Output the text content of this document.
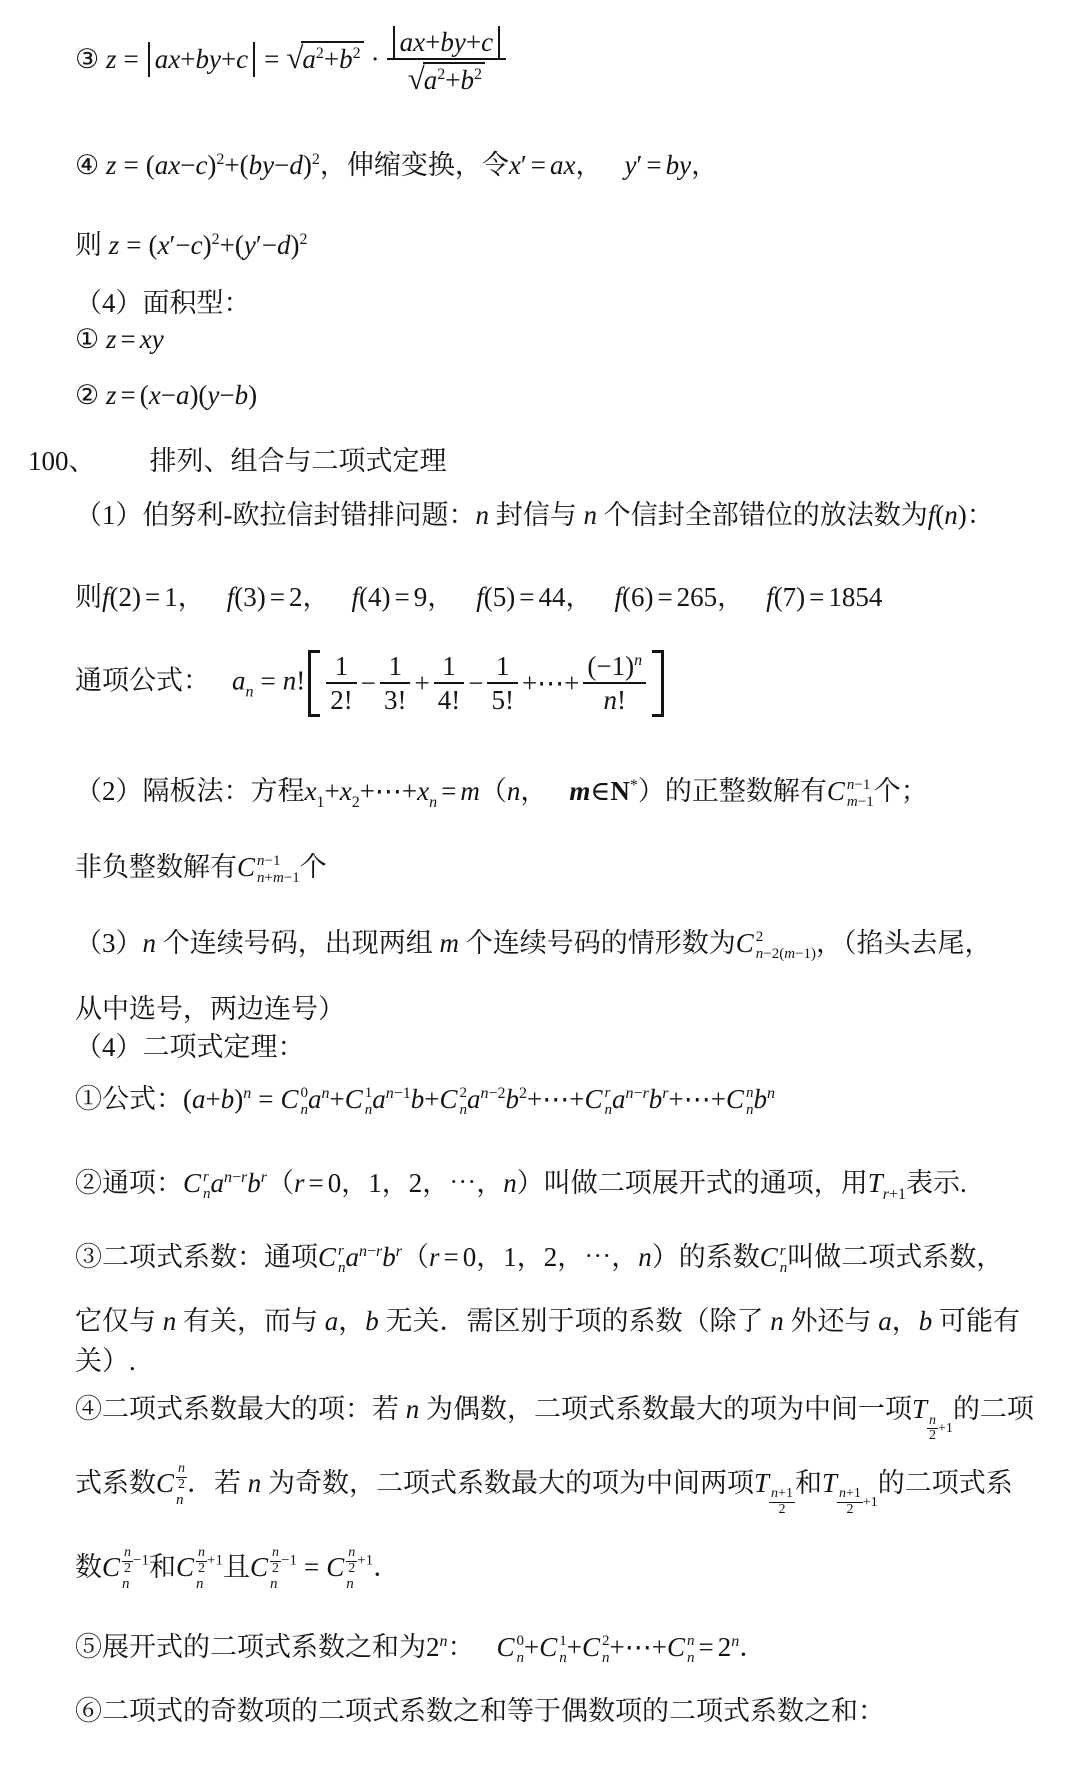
③ $z = ax+by+c = √a^2+b^2 \cdot \frac{ax+by+c}{√a^2+b^2}$
④ $z = (ax-c)^2+(by-d)^2$，伸缩变换，令x′ = ax， y′ = by，
则 $z = (x'-c)^2+(y'-d)^2$
（4）面积型：
① z = xy
② z = (x−a)(y−b)
100、 排列、组合与二项式定理
（1）伯努利-欧拉信封错排问题：n 封信与 n 个信封全部错位的放法数为f(n)：
则f(2) = 1， f(3) = 2， f(4) = 9， f(5) = 44， f(6) = 265， f(7) = 1854
通项公式： $a_n = n$!	1
2!
− $\frac{1}{3!} + \frac{1}{4!} - \frac{1}{5!}$ +⋯+ $\frac{(-1)^n}{n!}$
（2）隔板法：方程$x_1+x_2+\cdots+x_n = m(n$， m∈N*）的正整数解有C n−1
m−1 个；
非负整数解有C n−1
n+m−1 个
（3）n 个连续号码，出现两组 m 个连续号码的情形数为C 2
n−2(m−1) ，（掐头去尾，
从中选号，两边连号）
（4）二项式定理：
①公式：$(a+b)^n = C$ 0
n $a^n+C$ 1
n $a^{n-1}b+C$ 2
n $a^{n-2}b^2+\cdots+C$ r
n $a^{n-r}b^r+\cdots+C$ n
n $b^n$
②通项：C r
n $a^{n-r}b^r(r = 0$，1，2，⋯，n）叫做二项展开式的通项，用$T_{r+1}$表示.
③二项式系数：通项C r
n $a^{n-r}b^r(r = 0$，1，2，⋯，n）的系数C r
n 叫做二项式系数，
它仅与 n 有关，而与 a，b 无关．需区别于项的系数（除了 n 外还与 a，b 可能有
关）.
④二项式系数最大的项：若 n 为偶数，二项式系数最大的项为中间一项T
$_{\frac{n}{2} +1}$的二项
式系数C $\frac{n}{2}$
n
．若 n 为奇数，二项式系数最大的项为中间两项T
$_{\frac{n+1}{2}}$
和T
$_{\frac{n+1}{2} +1}$的二项式系
数C $\frac{n}{2} -1$
n
和C $\frac{n}{2} +1$
n
且C $\frac{n}{2} -1$
n
= C $\frac{n}{2} +1$
n
．
⑤展开式的二项式系数之和为2$^n$： C 0
n +C 1
n +C 2
n +⋯+C n
$n = 2^n$．
⑥二项式的奇数项的二项式系数之和等于偶数项的二项式系数之和：
